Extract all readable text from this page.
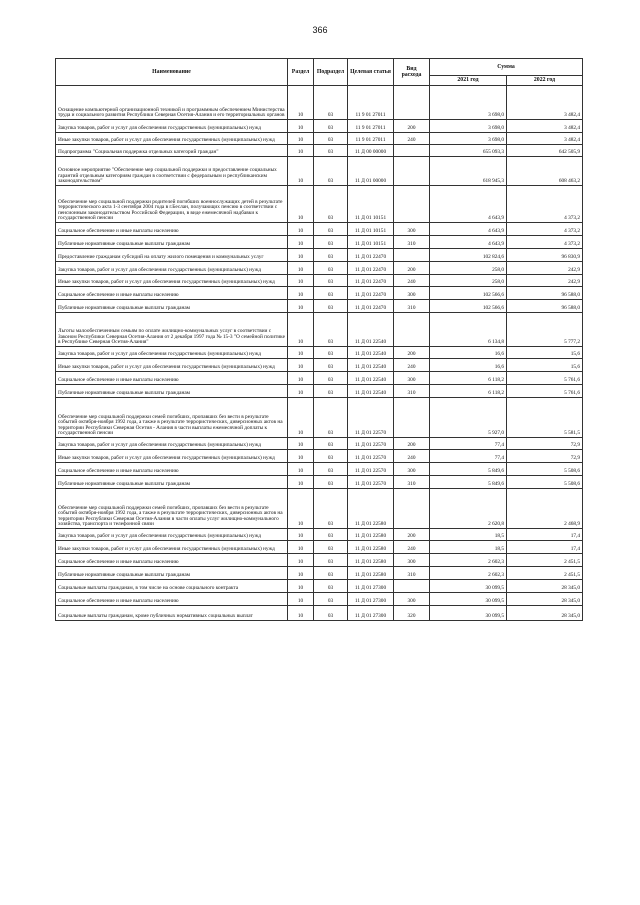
366
Наименование	Раздел	Подраздел	Целевая статья	Вид расхода	Сумма	
					2021 год	2022 год
Оснащение компьютерной организационной техникой и программным обеспечением Министерства труда и социального развития Республики Северная Осетия-Алания и его территориальных органов	10	03	11 9 01 27011		3 698,0	3 482,4
Закупка товаров, работ и услуг для обеспечения государственных (муниципальных) нужд	10	03	11 9 01 27011	200	3 698,0	3 482,4
Иные закупки товаров, работ и услуг для обеспечения государственных (муниципальных) нужд	10	03	11 9 01 27011	240	3 698,0	3 482,4
Подпрограмма "Социальная поддержка отдельных категорий граждан"	10	03	11 Д 00 00000		655 093,3	642 505,9
Основное мероприятие "Обеспечение мер социальной поддержки и предоставление социальных гарантий отдельным категориям граждан в соответствии с федеральным и республиканским законодательством"	10	03	11 Д 01 00000		618 945,3	608 463,2
Обеспечение мер социальной поддержки родителей погибших военнослужащих детей в результате террористического акта 1-3 сентября 2004 года в г.Беслан, получающих пенсию в соответствии с пенсионным законодательством Российской Федерации, в виде ежемесячной надбавки к государственной пенсии	10	03	11 Д 01 10151		4 643,9	4 373,2
Социальное обеспечение и иные выплаты населению	10	03	11 Д 01 10151	300	4 643,9	4 373,2
Публичные нормативные социальные выплаты гражданам	10	03	11 Д 01 10151	310	4 643,9	4 373,2
Предоставление гражданам субсидий на оплату жилого помещения и коммунальных услуг	10	03	11 Д 01 22470		102 824,6	96 830,9
Закупка товаров, работ и услуг для обеспечения государственных (муниципальных) нужд	10	03	11 Д 01 22470	200	258,0	242,9
Иные закупки товаров, работ и услуг для обеспечения государственных (муниципальных) нужд	10	03	11 Д 01 22470	240	258,0	242,9
Социальное обеспечение и иные выплаты населению	10	03	11 Д 01 22470	300	102 566,6	96 588,0
Публичные нормативные социальные выплаты гражданам	10	03	11 Д 01 22470	310	102 566,6	96 588,0
Льготы малообеспеченным семьям по оплате жилищно-коммунальных услуг в соответствии с Законом Республики Северная Осетия-Алания от 2 декабря 1997 года № 15-3 "О семейной политике в Республике Северная Осетия-Алания"	10	03	11 Д 01 22540		6 134,8	5 777,2
Закупка товаров, работ и услуг для обеспечения государственных (муниципальных) нужд	10	03	11 Д 01 22540	200	16,6	15,6
Иные закупки товаров, работ и услуг для обеспечения государственных (муниципальных) нужд	10	03	11 Д 01 22540	240	16,6	15,6
Социальное обеспечение и иные выплаты населению	10	03	11 Д 01 22540	300	6 118,2	5 761,6
Публичные нормативные социальные выплаты гражданам	10	03	11 Д 01 22540	310	6 118,2	5 761,6
Обеспечение мер социальной поддержки семей погибших, пропавших без вести в результате событий октября-ноября 1992 года, а также в результате террористических, диверсионных актов на территории Республики Северная Осетия - Алания в части выплаты ежемесячной доплаты к государственной пенсии	10	03	11 Д 01 22570		5 927,0	5 581,5
Закупка товаров, работ и услуг для обеспечения государственных (муниципальных) нужд	10	03	11 Д 01 22570	200	77,4	72,9
Иные закупки товаров, работ и услуг для обеспечения государственных (муниципальных) нужд	10	03	11 Д 01 22570	240	77,4	72,9
Социальное обеспечение и иные выплаты населению	10	03	11 Д 01 22570	300	5 849,6	5 508,6
Публичные нормативные социальные выплаты гражданам	10	03	11 Д 01 22570	310	5 849,6	5 508,6
Обеспечение мер социальной поддержки семей погибших, пропавших без вести в результате событий октября-ноября 1992 года, а также в результате террористических, диверсионных актов на территории Республики Северная Осетия-Алания в части оплаты услуг жилищно-коммунального хозяйства, транспорта и телефонной связи	10	03	11 Д 01 22580		2 620,8	2 468,9
Закупка товаров, работ и услуг для обеспечения государственных (муниципальных) нужд	10	03	11 Д 01 22580	200	18,5	17,4
Иные закупки товаров, работ и услуг для обеспечения государственных (муниципальных) нужд	10	03	11 Д 01 22580	240	18,5	17,4
Социальное обеспечение и иные выплаты населению	10	03	11 Д 01 22580	300	2 602,3	2 451,5
Публичные нормативные социальные выплаты гражданам	10	03	11 Д 01 22580	310	2 602,3	2 451,5
Социальные выплаты гражданам, в том числе на основе социального контракта	10	03	11 Д 01 27300		30 099,5	28 345,0
Социальное обеспечение и иные выплаты населению	10	03	11 Д 01 27300	300	30 099,5	28 345,0
Социальные выплаты гражданам, кроме публичных нормативных социальных выплат	10	03	11 Д 01 27300	320	30 099,5	28 345,0
